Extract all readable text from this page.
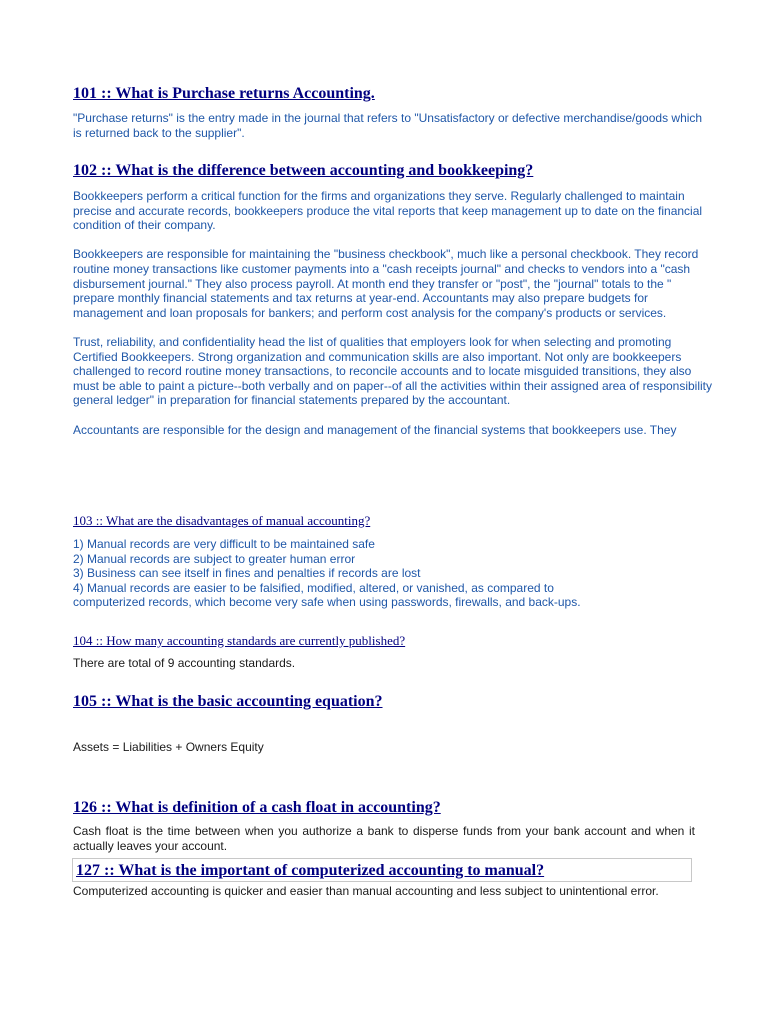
101 :: What is Purchase returns Accounting.

"Purchase returns" is the entry made in the journal that refers to "Unsatisfactory or defective merchandise/goods which is returned back to the supplier".

102 :: What is the difference between accounting and bookkeeping?

Bookkeepers perform a critical function for the firms and organizations they serve. Regularly challenged to maintain precise and accurate records, bookkeepers produce the vital reports that keep management up to date on the financial condition of their company.

Bookkeepers are responsible for maintaining the "business checkbook", much like a personal checkbook. They record routine money transactions like customer payments into a "cash receipts journal" and checks to vendors into a "cash disbursement journal." They also process payroll. At month end they transfer or "post", the "journal" totals to the " prepare monthly financial statements and tax returns at year-end. Accountants may also prepare budgets for management and loan proposals for bankers; and perform cost analysis for the company's products or services.

Trust, reliability, and confidentiality head the list of qualities that employers look for when selecting and promoting Certified Bookkeepers. Strong organization and communication skills are also important. Not only are bookkeepers challenged to record routine money transactions, to reconcile accounts and to locate misguided transitions, they also must be able to paint a picture--both verbally and on paper--of all the activities within their assigned area of responsibility general ledger" in preparation for financial statements prepared by the accountant.

Accountants are responsible for the design and management of the financial systems that bookkeepers use. They

103 :: What are the disadvantages of manual accounting?
1) Manual records are very difficult to be maintained safe
2) Manual records are subject to greater human error
3) Business can see itself in fines and penalties if records are lost
4) Manual records are easier to be falsified, modified, altered, or vanished, as compared to computerized records, which become very safe when using passwords, firewalls, and back-ups.
104 :: How many accounting standards are currently published?

There are total of 9 accounting standards.

105 :: What is the basic accounting equation?

Assets = Liabilities + Owners Equity

126 :: What is definition of a cash float in accounting?

Cash float is the time between when you authorize a bank to disperse funds from your bank account and when it actually leaves your account.

127 :: What is the important of computerized accounting to manual?

Computerized accounting is quicker and easier than manual accounting and less subject to unintentional error.
